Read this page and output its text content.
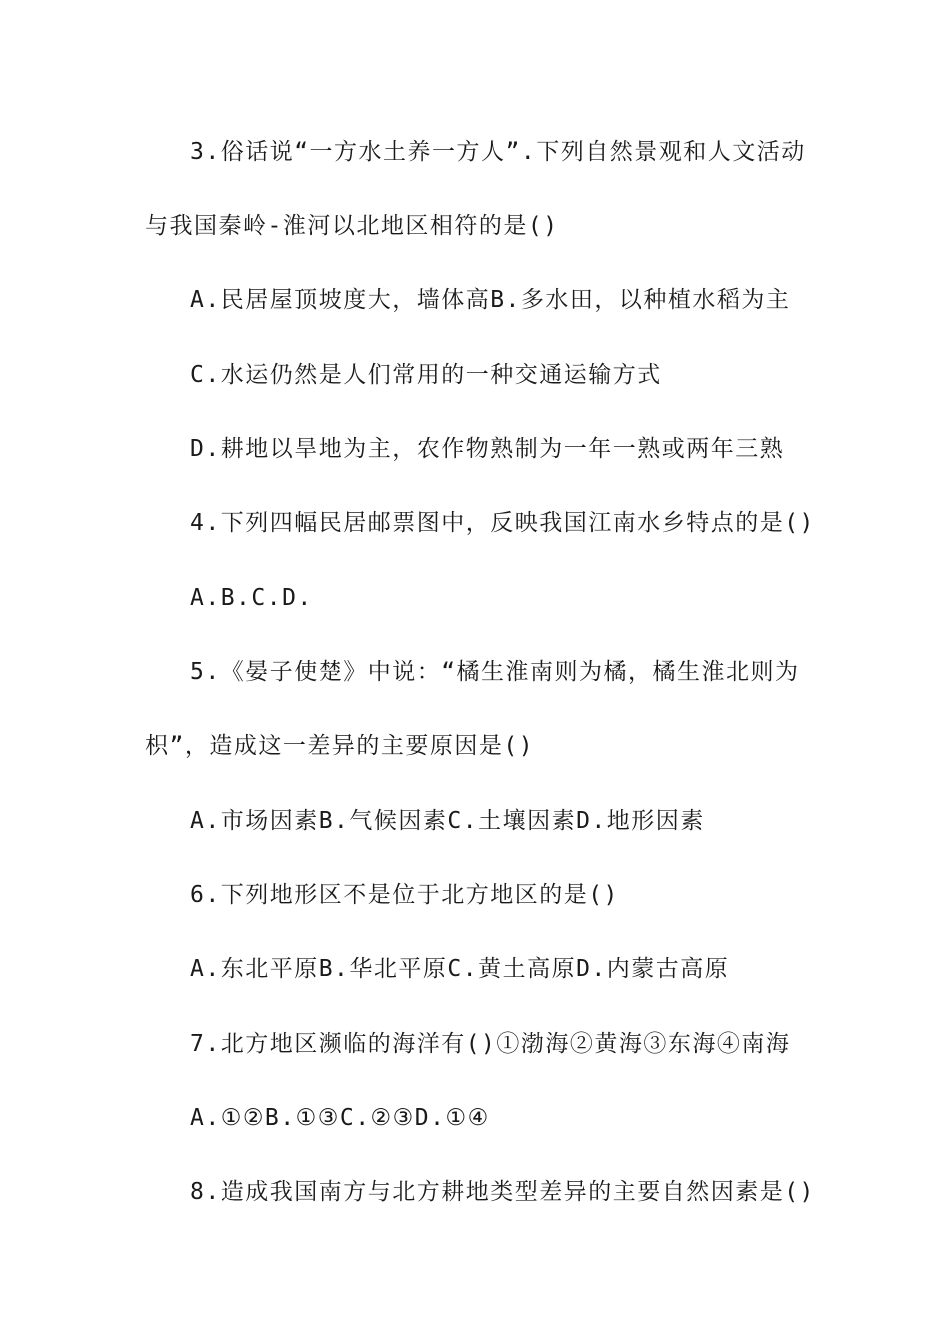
3.俗话说“一方水土养一方人”.下列自然景观和人文活动
与我国秦岭-淮河以北地区相符的是()
A.民居屋顶坡度大，墙体高B.多水田，以种植水稻为主
C.水运仍然是人们常用的一种交通运输方式
D.耕地以旱地为主，农作物熟制为一年一熟或两年三熟
4.下列四幅民居邮票图中，反映我国江南水乡特点的是()
A.B.C.D.
5.《晏子使楚》中说：“橘生淮南则为橘，橘生淮北则为
枳”，造成这一差异的主要原因是()
A.市场因素B.气候因素C.土壤因素D.地形因素
6.下列地形区不是位于北方地区的是()
A.东北平原B.华北平原C.黄土高原D.内蒙古高原
7.北方地区濒临的海洋有()①渤海②黄海③东海④南海
A.①②B.①③C.②③D.①④
8.造成我国南方与北方耕地类型差异的主要自然因素是()
